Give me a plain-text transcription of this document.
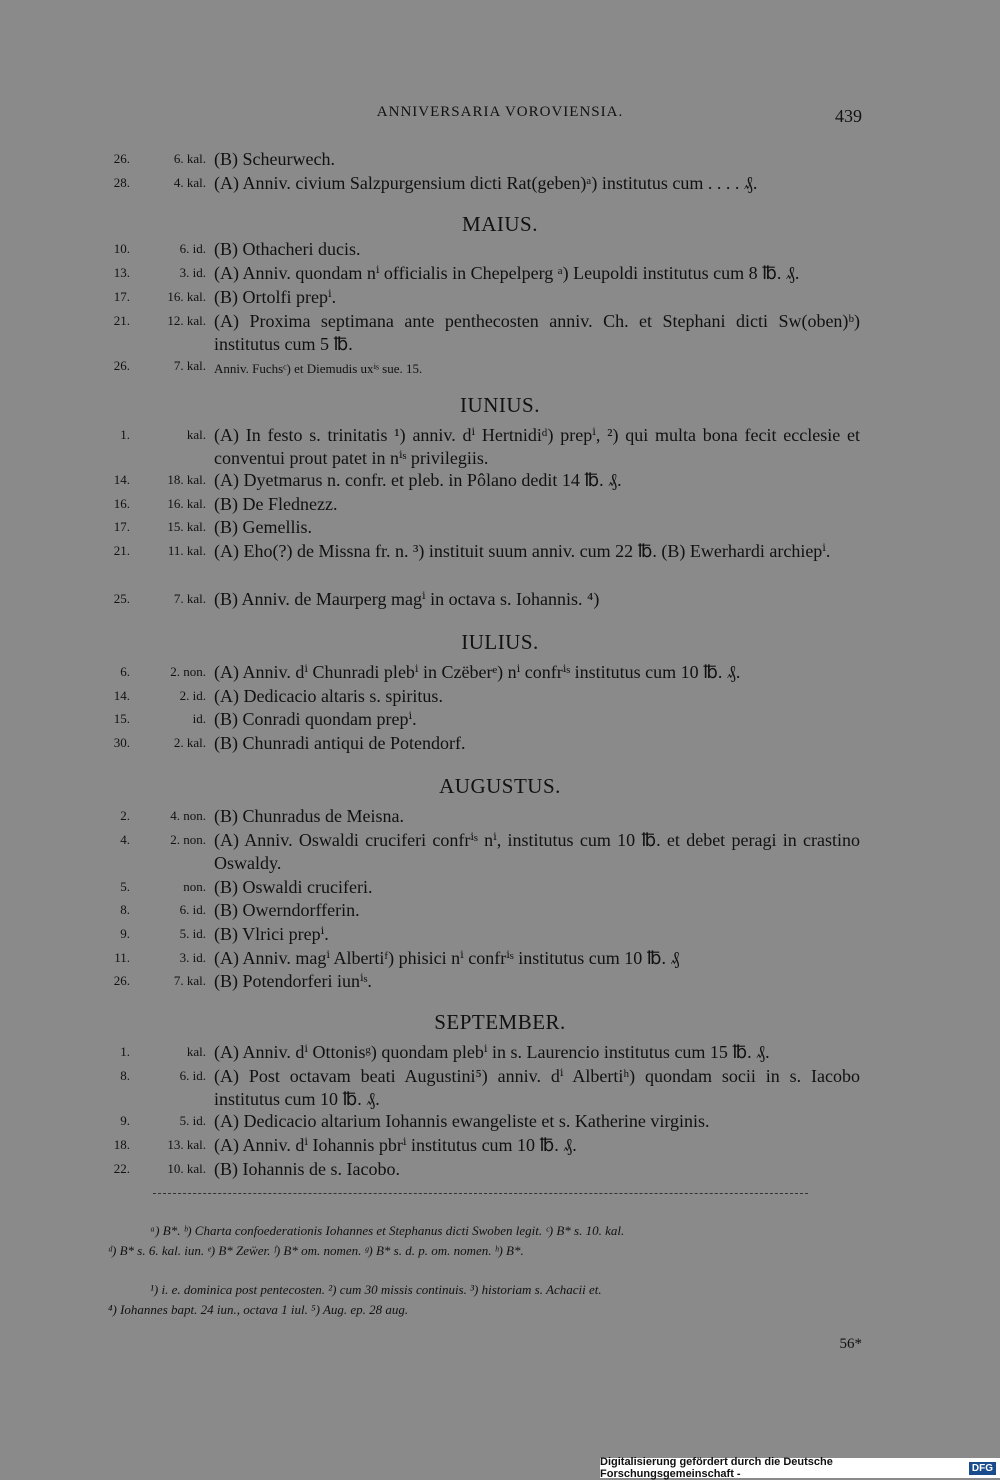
ANNIVERSARIA VOROVIENSIA.	439
26.	6. kal. (B) Scheurwech.
28.	4. kal. (A) Anniv. civium Salzpurgensium dicti Rat(geben)ᵃ) institutus cum . . . . ₰.
MAIUS.
10.	6. id. (B) Othacheri ducis.
13.	3. id. (A) Anniv. quondam nⁱ officialis in Chepelperg ᵃ) Leupoldi institutus cum 8 ℔. ₰.
17.	16. kal. (B) Ortolfi prepⁱ.
21.	12. kal. (A) Proxima septimana ante penthecosten anniv. Ch. et Stephani dicti Sw(oben)ᵇ) institutus cum 5 ℔.
26.	7. kal. Anniv. Fuchsᶜ) et Diemudis uxⁱˢ sue. 15.
IUNIUS.
1.	kal. (A) In festo s. trinitatis ¹) anniv. dⁱ Hertnidiᵈ) prepⁱ, ²) qui multa bona fecit ecclesie et conventui prout patet in nⁱˢ privilegiis.
14.	18. kal. (A) Dyetmarus n. confr. et pleb. in Pôlano dedit 14 ℔. ₰.
16.	16. kal. (B) De Flednezz.
17.	15. kal. (B) Gemellis.
21.	11. kal. (A) Eho(?) de Missna fr. n. ³) instituit suum anniv. cum 22 ℔. (B) Ewerhardi archiepⁱ.
25.	7. kal. (B) Anniv. de Maurperg magⁱ in octava s. Iohannis. ⁴)
IULIUS.
6.	2. non. (A) Anniv. dⁱ Chunradi plebⁱ in Czëberᵉ) nⁱ confrⁱˢ institutus cum 10 ℔. ₰.
14.	2. id. (A) Dedicacio altaris s. spiritus.
15.	id. (B) Conradi quondam prepⁱ.
30.	2. kal. (B) Chunradi antiqui de Potendorf.
AUGUSTUS.
2.	4. non. (B) Chunradus de Meisna.
4.	2. non. (A) Anniv. Oswaldi cruciferi confrⁱˢ nⁱ, institutus cum 10 ℔. et debet peragi in crastino Oswaldy.
5.	non. (B) Oswaldi cruciferi.
8.	6. id. (B) Owerndorfferin.
9.	5. id. (B) Vlrici prepⁱ.
11.	3. id. (A) Anniv. magⁱ Albertiᶠ) phisici nⁱ confrⁱˢ institutus cum 10 ℔. ₰
26.	7. kal. (B) Potendorferi iunⁱˢ.
SEPTEMBER.
1.	kal. (A) Anniv. dⁱ Ottonisᵍ) quondam plebⁱ in s. Laurencio institutus cum 15 ℔. ₰.
8.	6. id. (A) Post octavam beati Augustini⁵) anniv. dⁱ Albertiʰ) quondam socii in s. Iacobo institutus cum 10 ℔. ₰.
9.	5. id. (A) Dedicacio altarium Iohannis ewangeliste et s. Katherine virginis.
18.	13. kal. (A) Anniv. dⁱ Iohannis pbrⁱ institutus cum 10 ℔. ₰.
22.	10. kal. (B) Iohannis de s. Iacobo.
ᵃ) B*. ᵇ) Charta confoederationis Iohannes et Stephanus dicti Swoben legit. ᶜ) B* s. 10. kal.
ᵈ) B* s. 6. kal. iun. ᵉ) B* Zeẅer. ᶠ) B* om. nomen. ᵍ) B* s. d. p. om. nomen. ʰ) B*.
¹) i. e. dominica post pentecosten. ²) cum 30 missis continuis. ³) historiam s. Achacii et.
⁴) Iohannes bapt. 24 iun., octava 1 iul. ⁵) Aug. ep. 28 aug.
56*
Digitalisierung gefördert durch die Deutsche Forschungsgemeinschaft -	DFG
